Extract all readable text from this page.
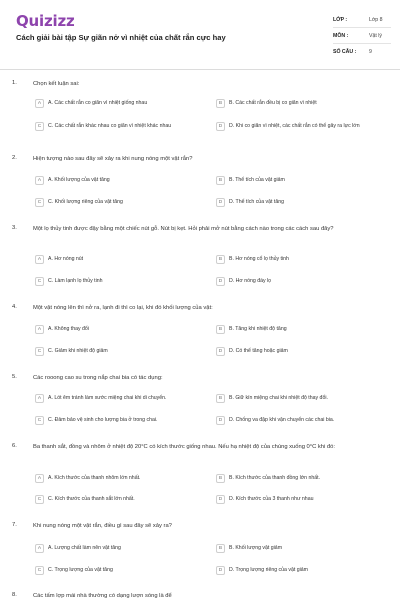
Quizizz
Cách giải bài tập Sự giãn nở vì nhiệt của chất rắn cực hay
LỚP :	Lớp 8
MÔN :	Vật lý
SỐ CÂU : 9
1.	Chọn kết luận sai:
A	A. Các chất rắn co giãn vì nhiệt giống nhau	B	B. Các chất rắn đều bị co giãn vì nhiệt
C	C. Các chất rắn khác nhau co giãn vì nhiệt khác nhau	D	D. Khi co giãn vì nhiệt, các chất rắn có thể gây ra lực lớn
2.	Hiện tượng nào sau đây sẽ xảy ra khi nung nóng một vật rắn?
A	A. Khối lượng của vật tăng	B	B. Thể tích của vật giảm
C	C. Khối lượng riêng của vật tăng	D	D. Thể tích của vật tăng
3.	Một lọ thủy tinh được đậy bằng một chiếc nút gỗ. Nút bị kẹt. Hỏi phải mở nút bằng cách nào trong các cách sau đây?
A	A. Hơ nóng nút	B	B. Hơ nóng cổ lọ thủy tinh
C	C. Làm lạnh lọ thủy tinh	D	D. Hơ nóng đáy lọ
4.	Một vật nóng lên thì nở ra, lạnh đi thì co lại, khi đó khối lượng của vật:
A	A. Không thay đổi	B	B. Tăng khi nhiệt độ tăng
C	C. Giảm khi nhiệt độ giảm	D	D. Có thể tăng hoặc giảm
5.	Các rooong cao su trong nắp chai bia có tác dụng:
A	A. Lót êm tránh làm xước miệng chai khi di chuyển.	B	B. Giữ kín miệng chai khi nhiệt độ thay đổi.
C	C. Đảm bảo vệ sinh cho lượng bia ở trong chai.	D	D. Chống va đập khi vận chuyển các chai bia.
6.	Ba thanh sắt, đồng và nhôm ở nhiệt độ 20°C có kích thước giống nhau. Nếu hạ nhiệt độ của chúng xuống 0°C khi đó:
A	A. Kích thước của thanh nhôm lớn nhất.	B	B. Kích thước của thanh đồng lớn nhất.
C	C. Kích thước của thanh sắt lớn nhất.	D	D. Kích thước của 3 thanh như nhau
7.	Khi nung nóng một vật rắn, điều gì sau đây sẽ xảy ra?
A	A. Lượng chất làm nên vật tăng	B	B. Khối lượng vật giảm
C	C. Trọng lượng của vật tăng	D	D. Trọng lượng riêng của vật giảm
8.	Các tấm lợp mái nhà thường có dạng lượn sóng là để
